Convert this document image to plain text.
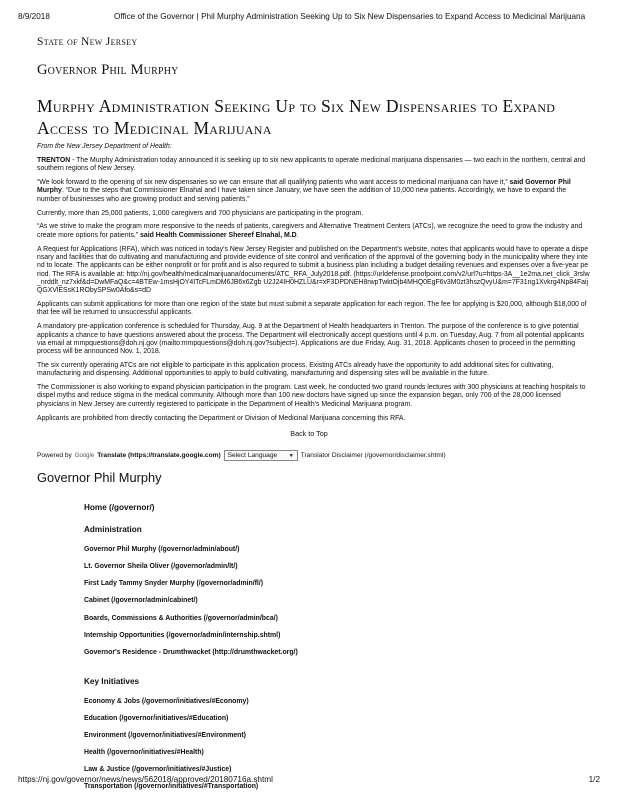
8/9/2018	Office of the Governor | Phil Murphy Administration Seeking Up to Six New Dispensaries to Expand Access to Medicinal Marijuana
State of New Jersey
Governor Phil Murphy
Murphy Administration Seeking Up to Six New Dispensaries to Expand Access to Medicinal Marijuana

From the New Jersey Department of Health:

TRENTON - The Murphy Administration today announced it is seeking up to six new applicants to operate medicinal marijuana dispensaries — two each in the northern, central and southern regions of New Jersey.

“We look forward to the opening of six new dispensaries so we can ensure that all qualifying patients who want access to medicinal marijuana can have it,” said Governor Phil Murphy. “Due to the steps that Commissioner Elnahal and I have taken since January, we have seen the addition of 10,000 new patients. Accordingly, we have to expand the number of businesses who are growing product and serving patients.”

Currently, more than 25,000 patients, 1,000 caregivers and 700 physicians are participating in the program.

“As we strive to make the program more responsive to the needs of patients, caregivers and Alternative Treatment Centers (ATCs), we recognize the need to grow the industry and create more options for patients,” said Health Commissioner Shereef Elnahal, M.D.

A Request for Applications (RFA), which was noticed in today's New Jersey Register and published on the Department's website, notes that applicants would have to operate a dispensary and facilities that do cultivating and manufacturing and provide evidence of site control and verification of the approval of the governing body in the municipality where they intend to locate. The applicants can be either nonprofit or for profit and is also required to submit a business plan including a budget detailing revenues and expenses over a five-year period. The RFA is available at: http://nj.gov/health/medicalmarijuana/documents/ATC_RFA_July2018.pdf. (https://urldefense.proofpoint.com/v2/url?u=https-3A__1e2ma.net_click_3rslw_nrddlt_nz7xkf&d=DwMFaQ&c=4BTEw-1msHjOY4ITcFLmDM6JB6x6Zgb U2J24IH0HZLU&r=xF3DPDNEH8rwpTwktOjb4MHQ0EgF6v3M0zt3hszQvyU&m=7F31ng1Xvkrg4Np84FaijQGXVlESsK1RObySPSw0Afo&s=dD

Applicants can submit applications for more than one region of the state but must submit a separate application for each region. The fee for applying is $20,000, although $18,000 of that fee will be returned to unsuccessful applicants.

A mandatory pre-application conference is scheduled for Thursday, Aug. 9 at the Department of Health headquarters in Trenton. The purpose of the conference is to give potential applicants a chance to have questions answered about the process. The Department will electronically accept questions until 4 p.m. on Tuesday, Aug. 7 from all potential applicants via email at mmpquestions@doh.nj.gov (mailto:mmpquestions@doh.nj.gov?subject=). Applications are due Friday, Aug. 31, 2018. Applicants chosen to proceed in the permitting process will be announced Nov. 1, 2018.

The six currently operating ATCs are not eligible to participate in this application process. Existing ATCs already have the opportunity to add additional sites for cultivating, manufacturing and dispensing. Additional opportunities to apply to build cultivating, manufacturing and dispensing sites will be available in the future.

The Commissioner is also working to expand physician participation in the program. Last week, he conducted two grand rounds lectures with 300 physicians at teaching hospitals to dispel myths and reduce stigma in the medical community. Although more than 100 new doctors have signed up since the expansion began, only 700 of the 28,000 licensed physicians in New Jersey are currently registered to participate in the Department of Health's Medicinal Marijuana program.

Applicants are prohibited from directly contacting the Department or Division of Medicinal Marijuana concerning this RFA.

Back to Top
Powered by Google Translate (https://translate.google.com) Select Language ▼ Translator Disclaimer (/governor/disclaimer.shtml)
Governor Phil Murphy
Home (/governor/)
Administration
Governor Phil Murphy (/governor/admin/about/)
Lt. Governor Sheila Oliver (/governor/admin/lt/)
First Lady Tammy Snyder Murphy (/governor/admin/fl/)
Cabinet (/governor/admin/cabinet/)
Boards, Commissions & Authorities (/governor/admin/bca/)
Internship Opportunities (/governor/admin/internship.shtml)
Governor's Residence - Drumthwacket (http://drumthwacket.org/)
Key Initiatives
Economy & Jobs (/governor/initiatives/#Economy)
Education (/governor/initiatives/#Education)
Environment (/governor/initiatives/#Environment)
Health (/governor/initiatives/#Health)
Law & Justice (/governor/initiatives/#Justice)
Transportation (/governor/initiatives/#Transportation)
https://nj.gov/governor/news/news/562018/approved/20180716a.shtml	1/2
